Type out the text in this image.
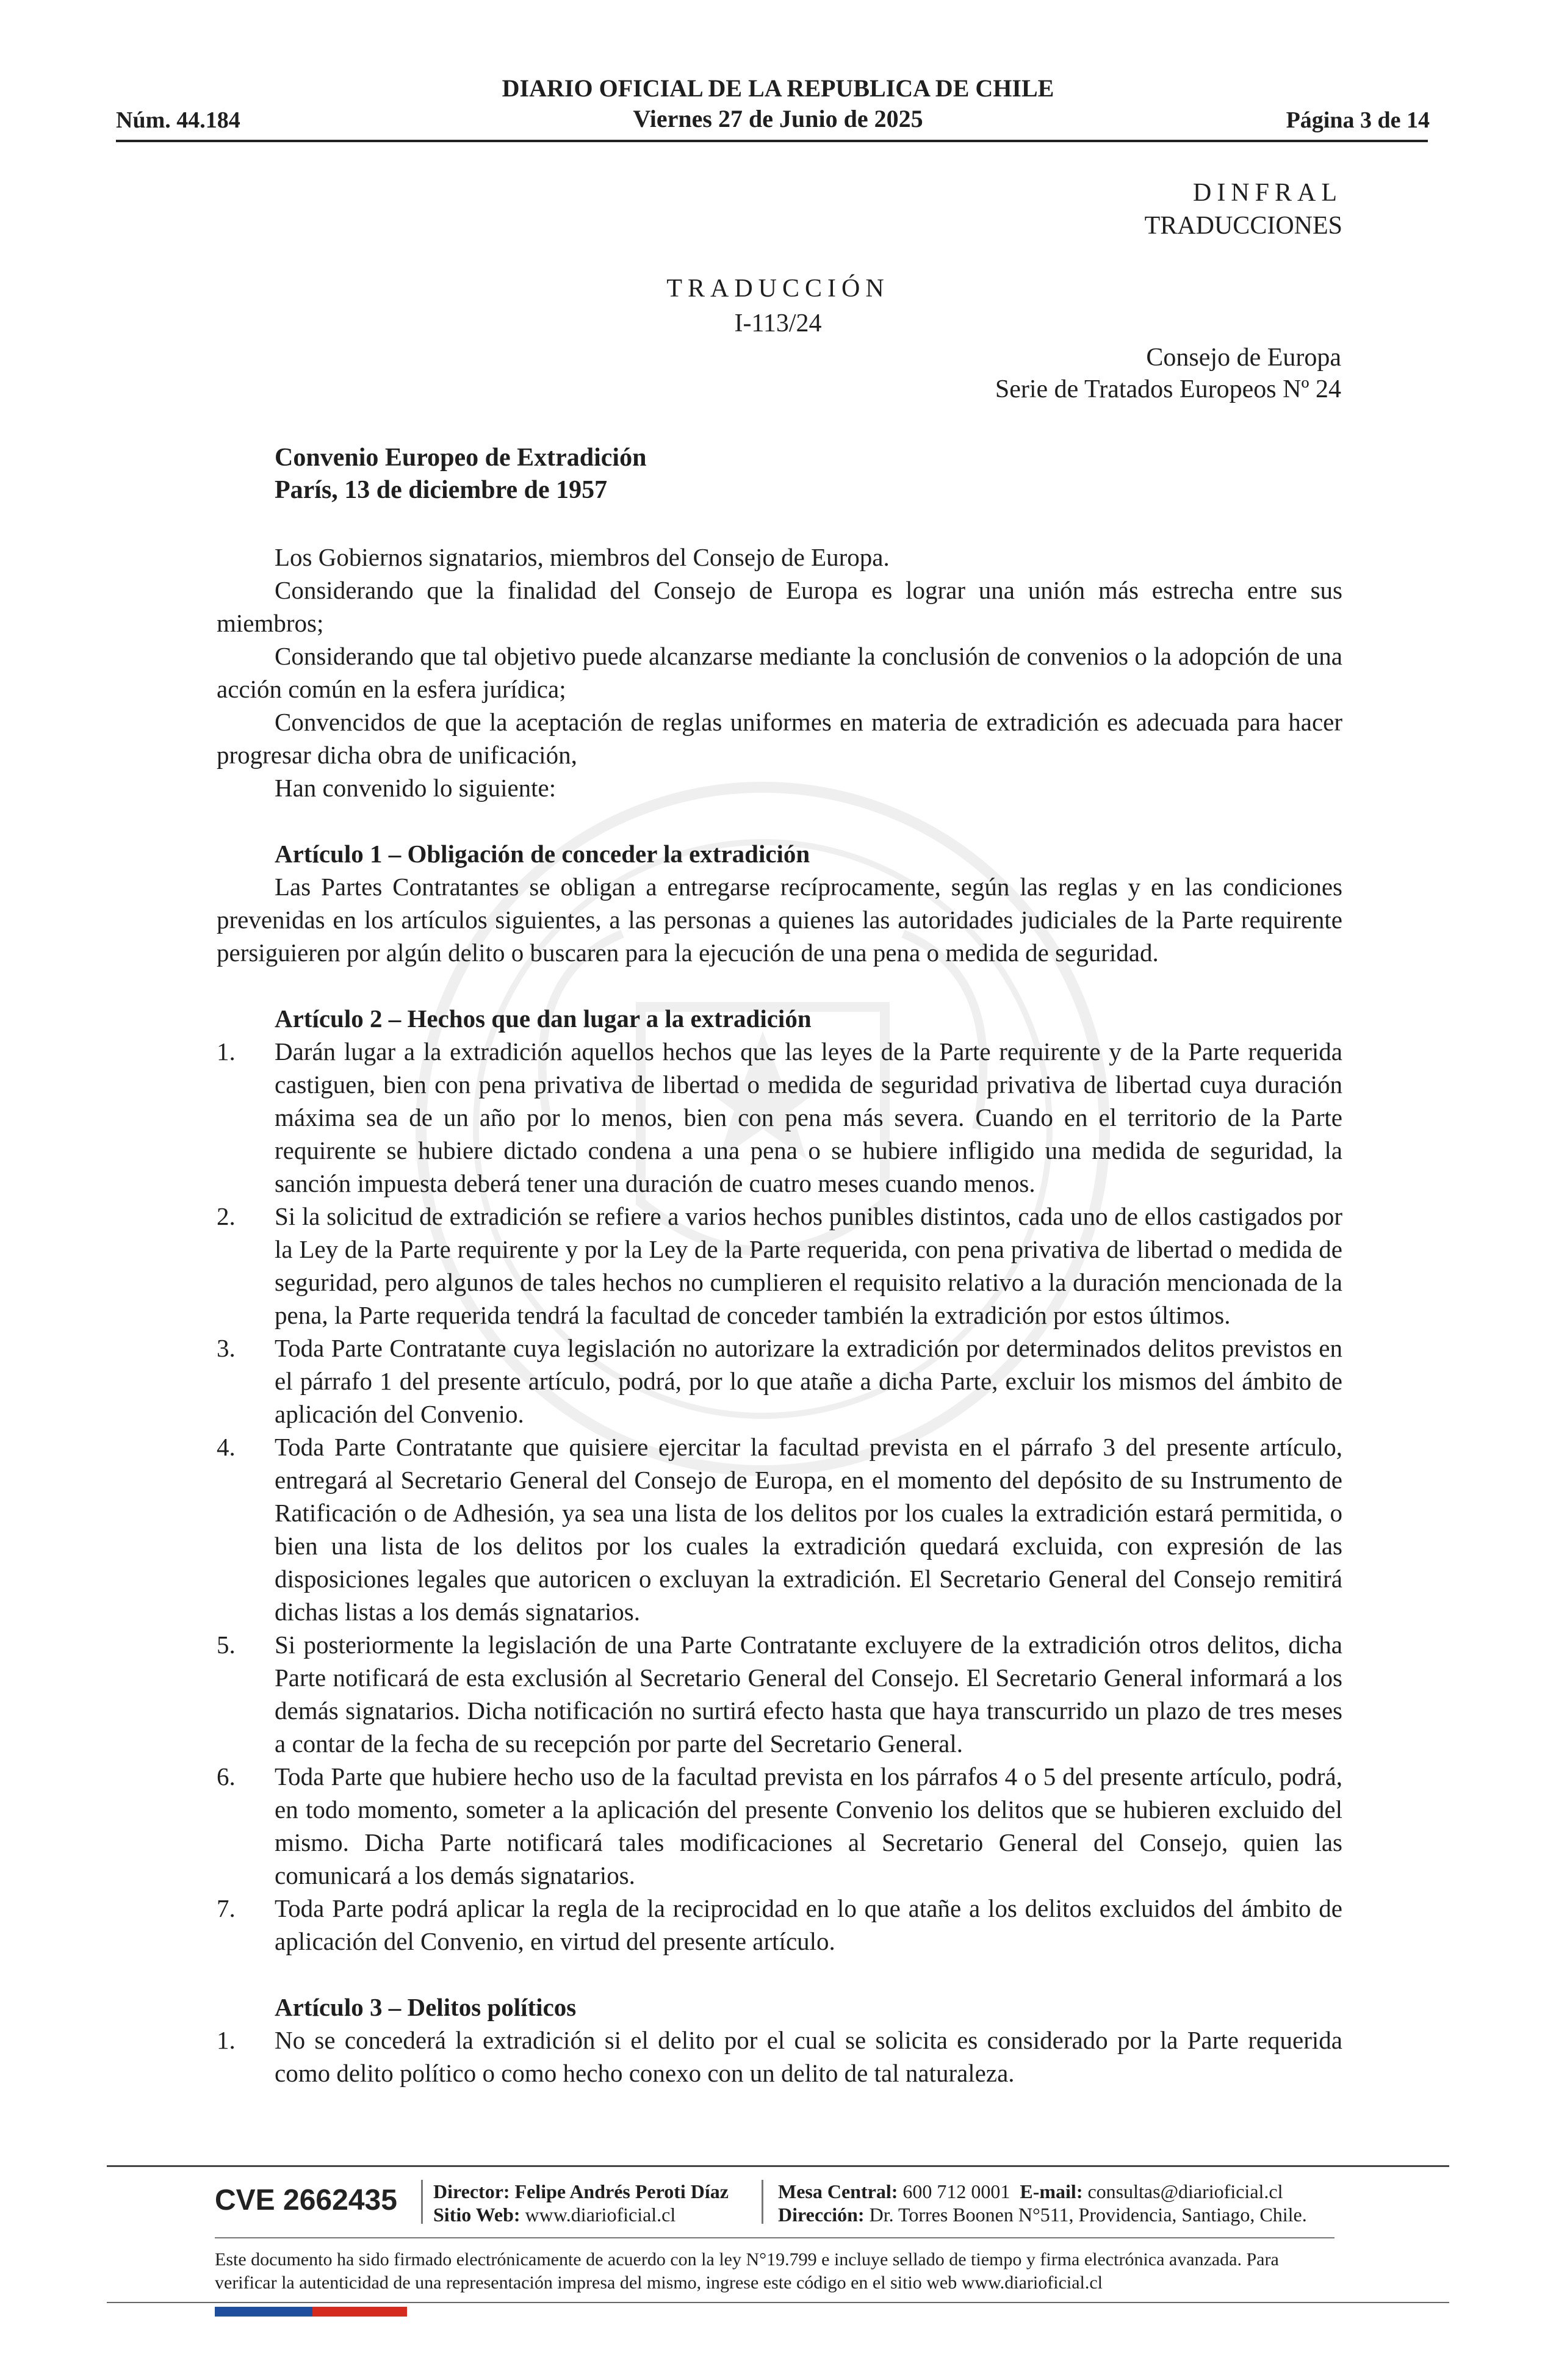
DIARIO OFICIAL DE LA REPUBLICA DE CHILE
Viernes 27 de Junio de 2025
Núm. 44.184	Página 3 de 14
DINFRAL
TRADUCCIONES
TRADUCCIÓN
I-113/24
Consejo de Europa
Serie de Tratados Europeos Nº 24
Convenio Europeo de Extradición
París, 13 de diciembre de 1957

Los Gobiernos signatarios, miembros del Consejo de Europa.

Considerando que la finalidad del Consejo de Europa es lograr una unión más estrecha entre sus miembros;

Considerando que tal objetivo puede alcanzarse mediante la conclusión de convenios o la adopción de una acción común en la esfera jurídica;

Convencidos de que la aceptación de reglas uniformes en materia de extradición es adecuada para hacer progresar dicha obra de unificación,

Han convenido lo siguiente:

Artículo 1 – Obligación de conceder la extradición

Las Partes Contratantes se obligan a entregarse recíprocamente, según las reglas y en las condiciones prevenidas en los artículos siguientes, a las personas a quienes las autoridades judiciales de la Parte requirente persiguieren por algún delito o buscaren para la ejecución de una pena o medida de seguridad.

Artículo 2 – Hechos que dan lugar a la extradición

1.	Darán lugar a la extradición aquellos hechos que las leyes de la Parte requirente y de la Parte requerida castiguen, bien con pena privativa de libertad o medida de seguridad privativa de libertad cuya duración máxima sea de un año por lo menos, bien con pena más severa. Cuando en el territorio de la Parte requirente se hubiere dictado condena a una pena o se hubiere infligido una medida de seguridad, la sanción impuesta deberá tener una duración de cuatro meses cuando menos.
2.	Si la solicitud de extradición se refiere a varios hechos punibles distintos, cada uno de ellos castigados por la Ley de la Parte requirente y por la Ley de la Parte requerida, con pena privativa de libertad o medida de seguridad, pero algunos de tales hechos no cumplieren el requisito relativo a la duración mencionada de la pena, la Parte requerida tendrá la facultad de conceder también la extradición por estos últimos.
3.	Toda Parte Contratante cuya legislación no autorizare la extradición por determinados delitos previstos en el párrafo 1 del presente artículo, podrá, por lo que atañe a dicha Parte, excluir los mismos del ámbito de aplicación del Convenio.
4.	Toda Parte Contratante que quisiere ejercitar la facultad prevista en el párrafo 3 del presente artículo, entregará al Secretario General del Consejo de Europa, en el momento del depósito de su Instrumento de Ratificación o de Adhesión, ya sea una lista de los delitos por los cuales la extradición estará permitida, o bien una lista de los delitos por los cuales la extradición quedará excluida, con expresión de las disposiciones legales que autoricen o excluyan la extradición. El Secretario General del Consejo remitirá dichas listas a los demás signatarios.
5.	Si posteriormente la legislación de una Parte Contratante excluyere de la extradición otros delitos, dicha Parte notificará de esta exclusión al Secretario General del Consejo. El Secretario General informará a los demás signatarios. Dicha notificación no surtirá efecto hasta que haya transcurrido un plazo de tres meses a contar de la fecha de su recepción por parte del Secretario General.
6.	Toda Parte que hubiere hecho uso de la facultad prevista en los párrafos 4 o 5 del presente artículo, podrá, en todo momento, someter a la aplicación del presente Convenio los delitos que se hubieren excluido del mismo. Dicha Parte notificará tales modificaciones al Secretario General del Consejo, quien las comunicará a los demás signatarios.
7.	Toda Parte podrá aplicar la regla de la reciprocidad en lo que atañe a los delitos excluidos del ámbito de aplicación del Convenio, en virtud del presente artículo.

Artículo 3 – Delitos políticos

1.	No se concederá la extradición si el delito por el cual se solicita es considerado por la Parte requerida como delito político o como hecho conexo con un delito de tal naturaleza.
CVE 2662435 Director: Felipe Andrés Peroti Díaz
Sitio Web: www.diarioficial.cl
Mesa Central: 600 712 0001 E-mail: consultas@diarioficial.cl
Dirección: Dr. Torres Boonen N°511, Providencia, Santiago, Chile.
Este documento ha sido firmado electrónicamente de acuerdo con la ley N°19.799 e incluye sellado de tiempo y firma electrónica avanzada. Para verificar la autenticidad de una representación impresa del mismo, ingrese este código en el sitio web www.diarioficial.cl
